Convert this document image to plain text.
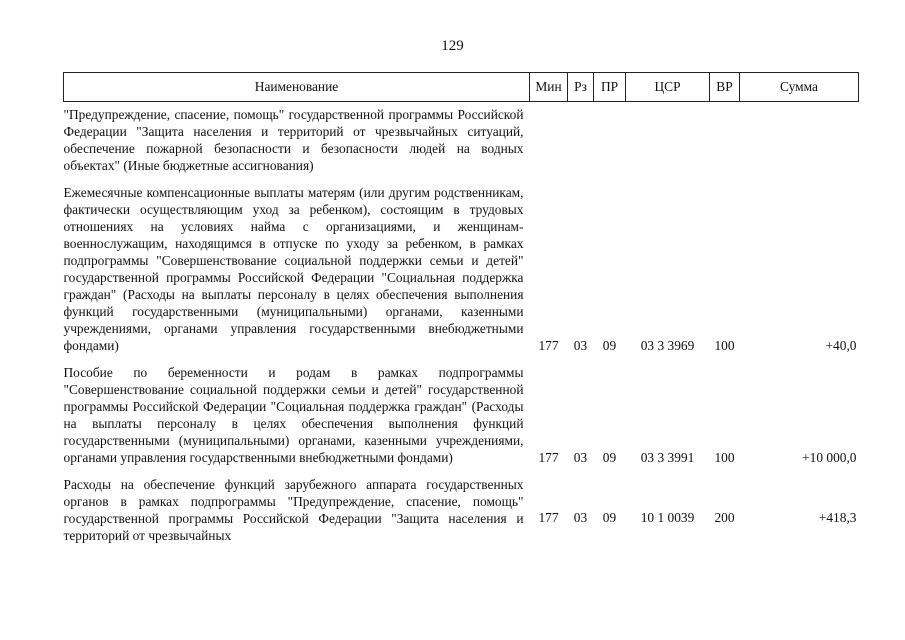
129
Наименование	Мин	Рз	ПР	ЦСР	ВР	Сумма
"Предупреждение, спасение, помощь" государственной программы Российской Федерации "Защита населения и территорий от чрезвычайных ситуаций, обеспечение пожарной безопасности и безопасности людей на водных объектах" (Иные бюджетные ассигнования)						
Ежемесячные компенсационные выплаты матерям (или другим родственникам, фактически осуществляющим уход за ребенком), состоящим в трудовых отношениях на условиях найма с организациями, и женщинам-военнослужащим, находящимся в отпуске по уходу за ребенком, в рамках подпрограммы "Совершенствование социальной поддержки семьи и детей" государственной программы Российской Федерации "Социальная поддержка граждан" (Расходы на выплаты персоналу в целях обеспечения выполнения функций государственными (муниципальными) органами, казенными учреждениями, органами управления государственными внебюджетными фондами)	177	03	09	03 3 3969	100	+40,0
Пособие по беременности и родам в рамках подпрограммы "Совершенствование социальной поддержки семьи и детей" государственной программы Российской Федерации "Социальная поддержка граждан" (Расходы на выплаты персоналу в целях обеспечения выполнения функций государственными (муниципальными) органами, казенными учреждениями, органами управления государственными внебюджетными фондами)	177	03	09	03 3 3991	100	+10 000,0

Расходы на обеспечение функций зарубежного аппарата государственных органов в рамках подпрограммы "Предупреждение, спасение, помощь" государственной программы Российской Федерации "Защита населения и территорий от чрезвычайных	177	03	09	10 1 0039	200	+418,3
